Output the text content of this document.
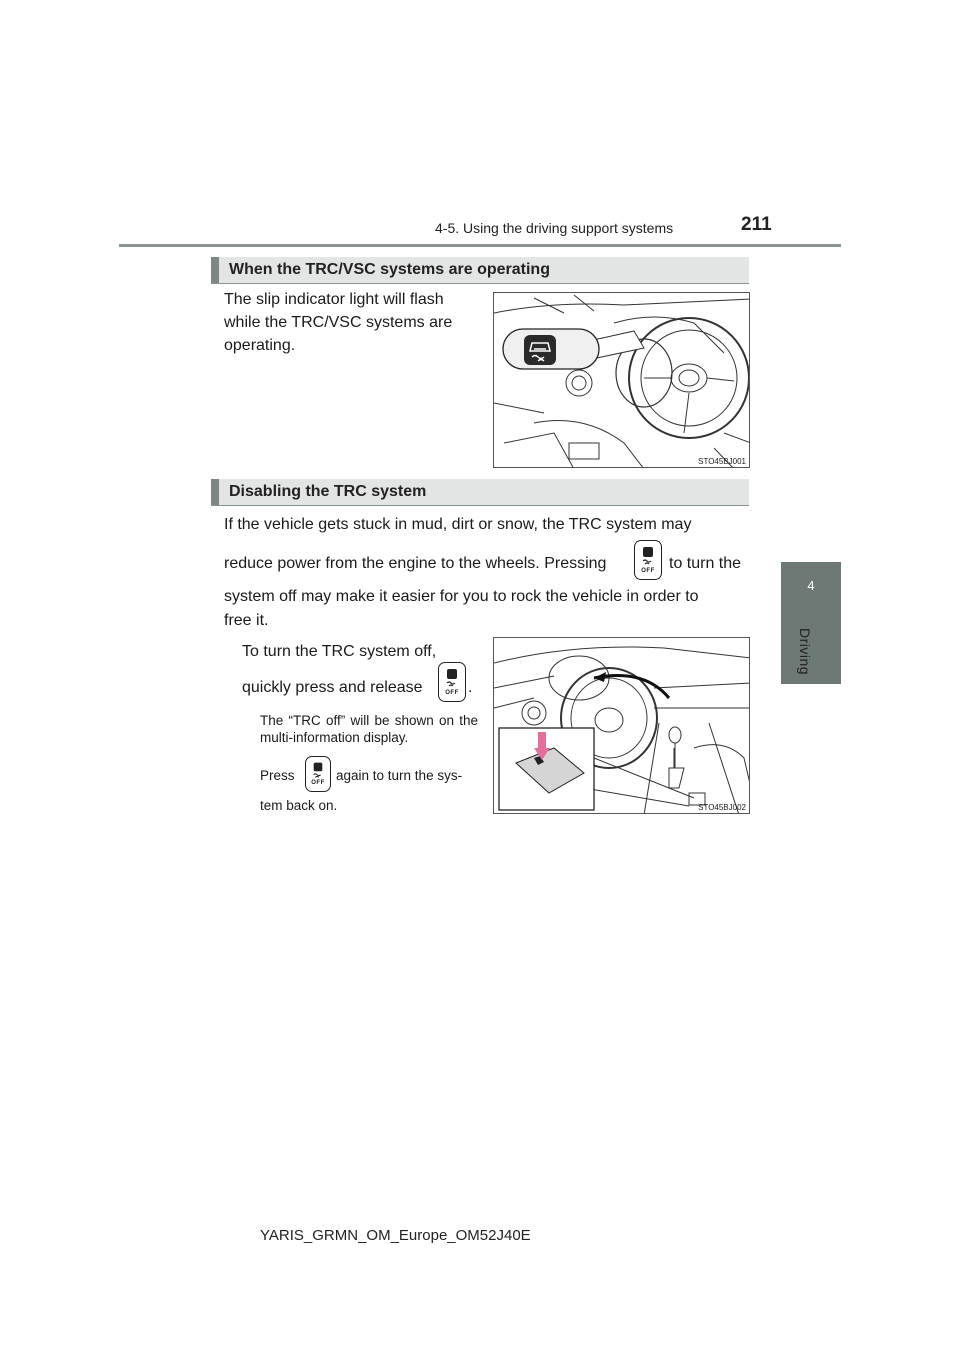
4-5. Using the driving support systems	211
4
Driving
When the TRC/VSC systems are operating
The slip indicator light will flash
while the TRC/VSC systems are
operating.
STO45BJ001
Disabling the TRC system
If the vehicle gets stuck in mud, dirt or snow, the TRC system may
reduce power from the engine to the wheels. Pressing	OFF to turn the
system off may make it easier for you to rock the vehicle in order to
free it.
To turn the TRC system off,
quickly press and release	OFF .
The “TRC off” will be shown on the multi-information display.
Press	OFF again to turn the sys-
tem back on.	STO45BJ002
YARIS_GRMN_OM_Europe_OM52J40E
